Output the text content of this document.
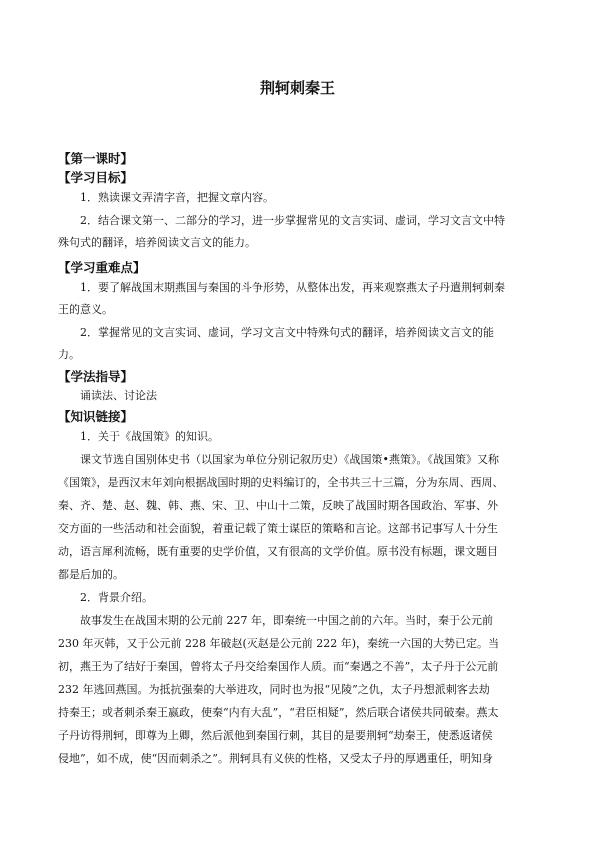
荆轲刺秦王
【第一课时】
【学习目标】
1．熟读课文弄清字音，把握文章内容。
2．结合课文第一、二部分的学习，进一步掌握常见的文言实词、虚词，学习文言文中特
殊句式的翻译，培养阅读文言文的能力。
【学习重难点】
1．要了解战国末期燕国与秦国的斗争形势，从整体出发，再来观察燕太子丹遣荆轲刺秦
王的意义。
2．掌握常见的文言实词、虚词，学习文言文中特殊句式的翻译，培养阅读文言文的能
力。
【学法指导】
诵读法、讨论法
【知识链接】
1．关于《战国策》的知识。
课文节选自国别体史书（以国家为单位分别记叙历史）《战国策•燕策》。《战国策》又称
《国策》，是西汉末年刘向根据战国时期的史料编订的，全书共三十三篇，分为东周、西周、
秦、齐、楚、赵、魏、韩、燕、宋、卫、中山十二策，反映了战国时期各国政治、军事、外
交方面的一些活动和社会面貌，着重记载了策士谋臣的策略和言论。这部书记事写人十分生
动，语言犀利流畅，既有重要的史学价值，又有很高的文学价值。原书没有标题，课文题目
都是后加的。
2．背景介绍。
故事发生在战国末期的公元前 227 年，即秦统一中国之前的六年。当时，秦于公元前
230 年灭韩，又于公元前 228 年破赵(灭赵是公元前 222 年)，秦统一六国的大势已定。当
初，燕王为了结好于秦国，曾将太子丹交给秦国作人质。而“秦遇之不善”，太子丹于公元前
232 年逃回燕国。为抵抗强秦的大举进攻，同时也为报“见陵”之仇，太子丹想派刺客去劫
持秦王；或者刺杀秦王嬴政，使秦“内有大乱”，“君臣相疑”，然后联合诸侯共同破秦。燕太
子丹访得荆轲，即尊为上卿，然后派他到秦国行刺，其目的是要荆轲“劫秦王，使悉返诸侯
侵地”，如不成，使“因而刺杀之”。荆轲具有义侠的性格，又受太子丹的厚遇重任，明知身
